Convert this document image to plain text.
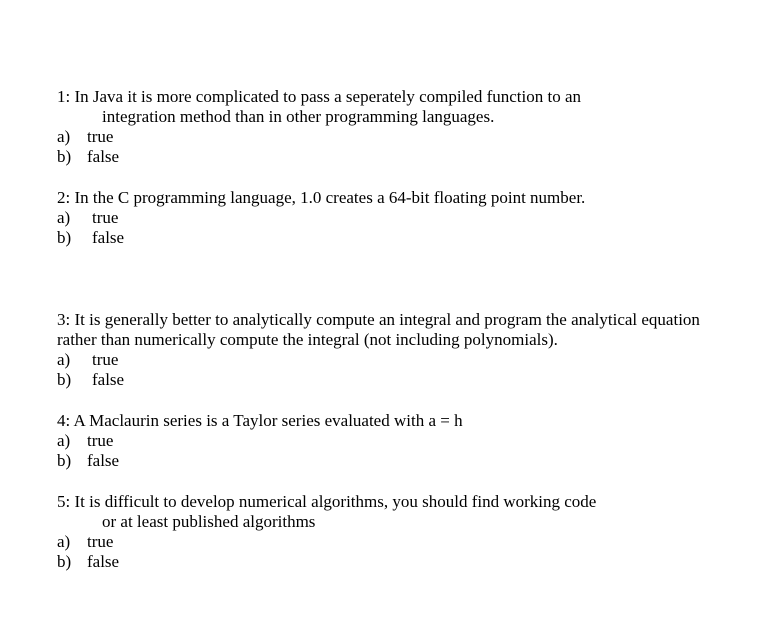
1: In Java it is more complicated to pass a seperately compiled function to an
integration method than in other programming languages.
a) true
b) false
2: In the C programming language, 1.0 creates a 64-bit floating point number.
a) true
b) false
3: It is generally better to analytically compute an integral and program the analytical equation
rather than numerically compute the integral (not including polynomials).
a) true
b) false
4: A Maclaurin series is a Taylor series evaluated with a = h
a) true
b) false
5: It is difficult to develop numerical algorithms, you should find working code
or at least published algorithms
a) true
b) false
